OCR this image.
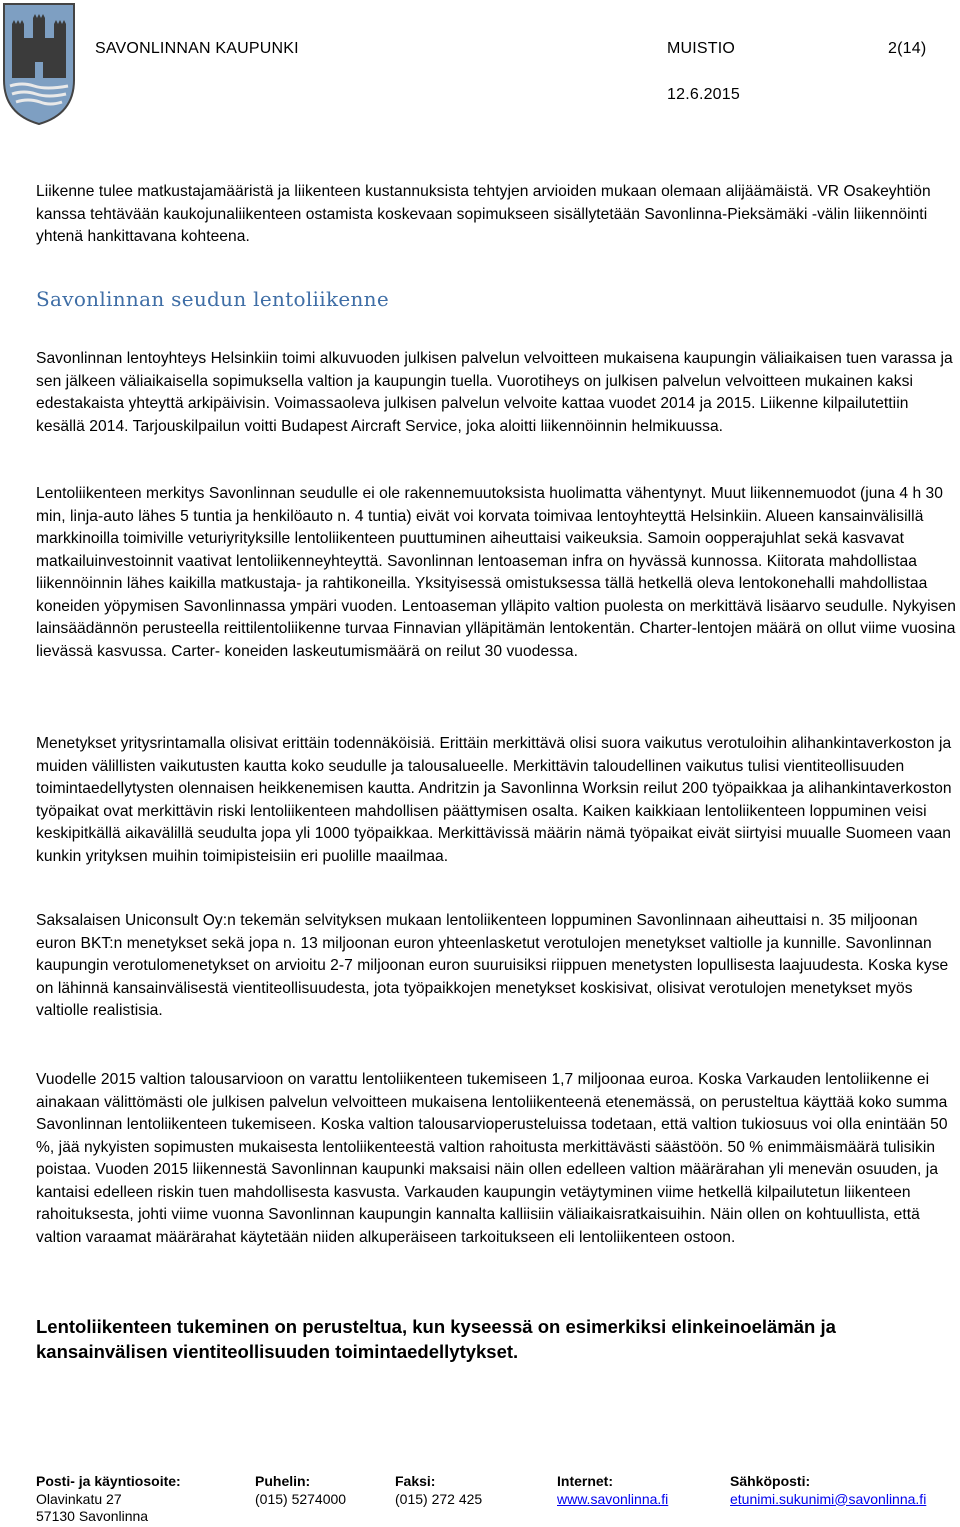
SAVONLINNAN KAUPUNKI	MUISTIO	2(14)
12.6.2015
Liikenne tulee matkustajamääristä ja liikenteen kustannuksista tehtyjen arvioiden mukaan olemaan alijäämäistä. VR Osakeyhtiön kanssa tehtävään kaukojunaliikenteen ostamista koskevaan sopimukseen sisällytetään Savonlinna-Pieksämäki -välin liikennöinti yhtenä hankittavana kohteena.
Savonlinnan seudun lentoliikenne
Savonlinnan lentoyhteys Helsinkiin toimi alkuvuoden julkisen palvelun velvoitteen mukaisena kaupungin väliaikaisen tuen varassa ja sen jälkeen väliaikaisella sopimuksella valtion ja kaupungin tuella. Vuorotiheys on julkisen palvelun velvoitteen mukainen kaksi edestakaista yhteyttä arkipäivisin. Voimassaoleva julkisen palvelun velvoite kattaa vuodet 2014 ja 2015. Liikenne kilpailutettiin kesällä 2014. Tarjouskilpailun voitti Budapest Aircraft Service, joka aloitti liikennöinnin helmikuussa.
Lentoliikenteen merkitys Savonlinnan seudulle ei ole rakennemuutoksista huolimatta vähentynyt. Muut liikennemuodot (juna 4 h 30 min, linja-auto lähes 5 tuntia ja henkilöauto n. 4 tuntia) eivät voi korvata toimivaa lentoyhteyttä Helsinkiin. Alueen kansainvälisillä markkinoilla toimiville veturiyrityksille lentoliikenteen puuttuminen aiheuttaisi vaikeuksia. Samoin oopperajuhlat sekä kasvavat matkailuinvestoinnit vaativat lentoliikenneyhteyttä. Savonlinnan lentoaseman infra on hyvässä kunnossa. Kiitorata mahdollistaa liikennöinnin lähes kaikilla matkustaja- ja rahtikoneilla. Yksityisessä omistuksessa tällä hetkellä oleva lentokonehalli mahdollistaa koneiden yöpymisen Savonlinnassa ympäri vuoden. Lentoaseman ylläpito valtion puolesta on merkittävä lisäarvo seudulle. Nykyisen lainsäädännön perusteella reittilentoliikenne turvaa Finnavian ylläpitämän lentokentän. Charter-lentojen määrä on ollut viime vuosina lievässä kasvussa. Carter- koneiden laskeutumismäärä on reilut 30 vuodessa.
Menetykset yritysrintamalla olisivat erittäin todennäköisiä. Erittäin merkittävä olisi suora vaikutus verotuloihin alihankintaverkoston ja muiden välillisten vaikutusten kautta koko seudulle ja talousalueelle. Merkittävin taloudellinen vaikutus tulisi vientiteollisuuden toimintaedellytysten olennaisen heikkenemisen kautta. Andritzin ja Savonlinna Worksin reilut 200 työpaikkaa ja alihankintaverkoston työpaikat ovat merkittävin riski lentoliikenteen mahdollisen päättymisen osalta. Kaiken kaikkiaan lentoliikenteen loppuminen veisi keskipitkällä aikavälillä seudulta jopa yli 1000 työpaikkaa. Merkittävissä määrin nämä työpaikat eivät siirtyisi muualle Suomeen vaan kunkin yrityksen muihin toimipisteisiin eri puolille maailmaa.
Saksalaisen Uniconsult Oy:n tekemän selvityksen mukaan lentoliikenteen loppuminen Savonlinnaan aiheuttaisi n. 35 miljoonan euron BKT:n menetykset sekä jopa n. 13 miljoonan euron yhteenlasketut verotulojen menetykset valtiolle ja kunnille. Savonlinnan kaupungin verotulomenetykset on arvioitu 2-7 miljoonan euron suuruisiksi riippuen menetysten lopullisesta laajuudesta. Koska kyse on lähinnä kansainvälisestä vientiteollisuudesta, jota työpaikkojen menetykset koskisivat, olisivat verotulojen menetykset myös valtiolle realistisia.
Vuodelle 2015 valtion talousarvioon on varattu lentoliikenteen tukemiseen 1,7 miljoonaa euroa. Koska Varkauden lentoliikenne ei ainakaan välittömästi ole julkisen palvelun velvoitteen mukaisena lentoliikenteenä etenemässä, on perusteltua käyttää koko summa Savonlinnan lentoliikenteen tukemiseen. Koska valtion talousarvioperusteluissa todetaan, että valtion tukiosuus voi olla enintään 50 %, jää nykyisten sopimusten mukaisesta lentoliikenteestä valtion rahoitusta merkittävästi säästöön. 50 % enimmäismäärä tulisikin poistaa. Vuoden 2015 liikennestä Savonlinnan kaupunki maksaisi näin ollen edelleen valtion määrärahan yli menevän osuuden, ja kantaisi edelleen riskin tuen mahdollisesta kasvusta. Varkauden kaupungin vetäytyminen viime hetkellä kilpailutetun liikenteen rahoituksesta, johti viime vuonna Savonlinnan kaupungin kannalta kalliisiin väliaikaisratkaisuihin. Näin ollen on kohtuullista, että valtion varaamat määrärahat käytetään niiden alkuperäiseen tarkoitukseen eli lentoliikenteen ostoon.
Lentoliikenteen tukeminen on perusteltua, kun kyseessä on esimerkiksi elinkeinoelämän ja kansainvälisen vientiteollisuuden toimintaedellytykset.
Posti- ja käyntiosoite:
Olavinkatu 27
57130 Savonlinna
Puhelin:
(015) 5274000
Faksi:
(015) 272 425
Internet:
www.savonlinna.fi
Sähköposti:
etunimi.sukunimi@savonlinna.fi
